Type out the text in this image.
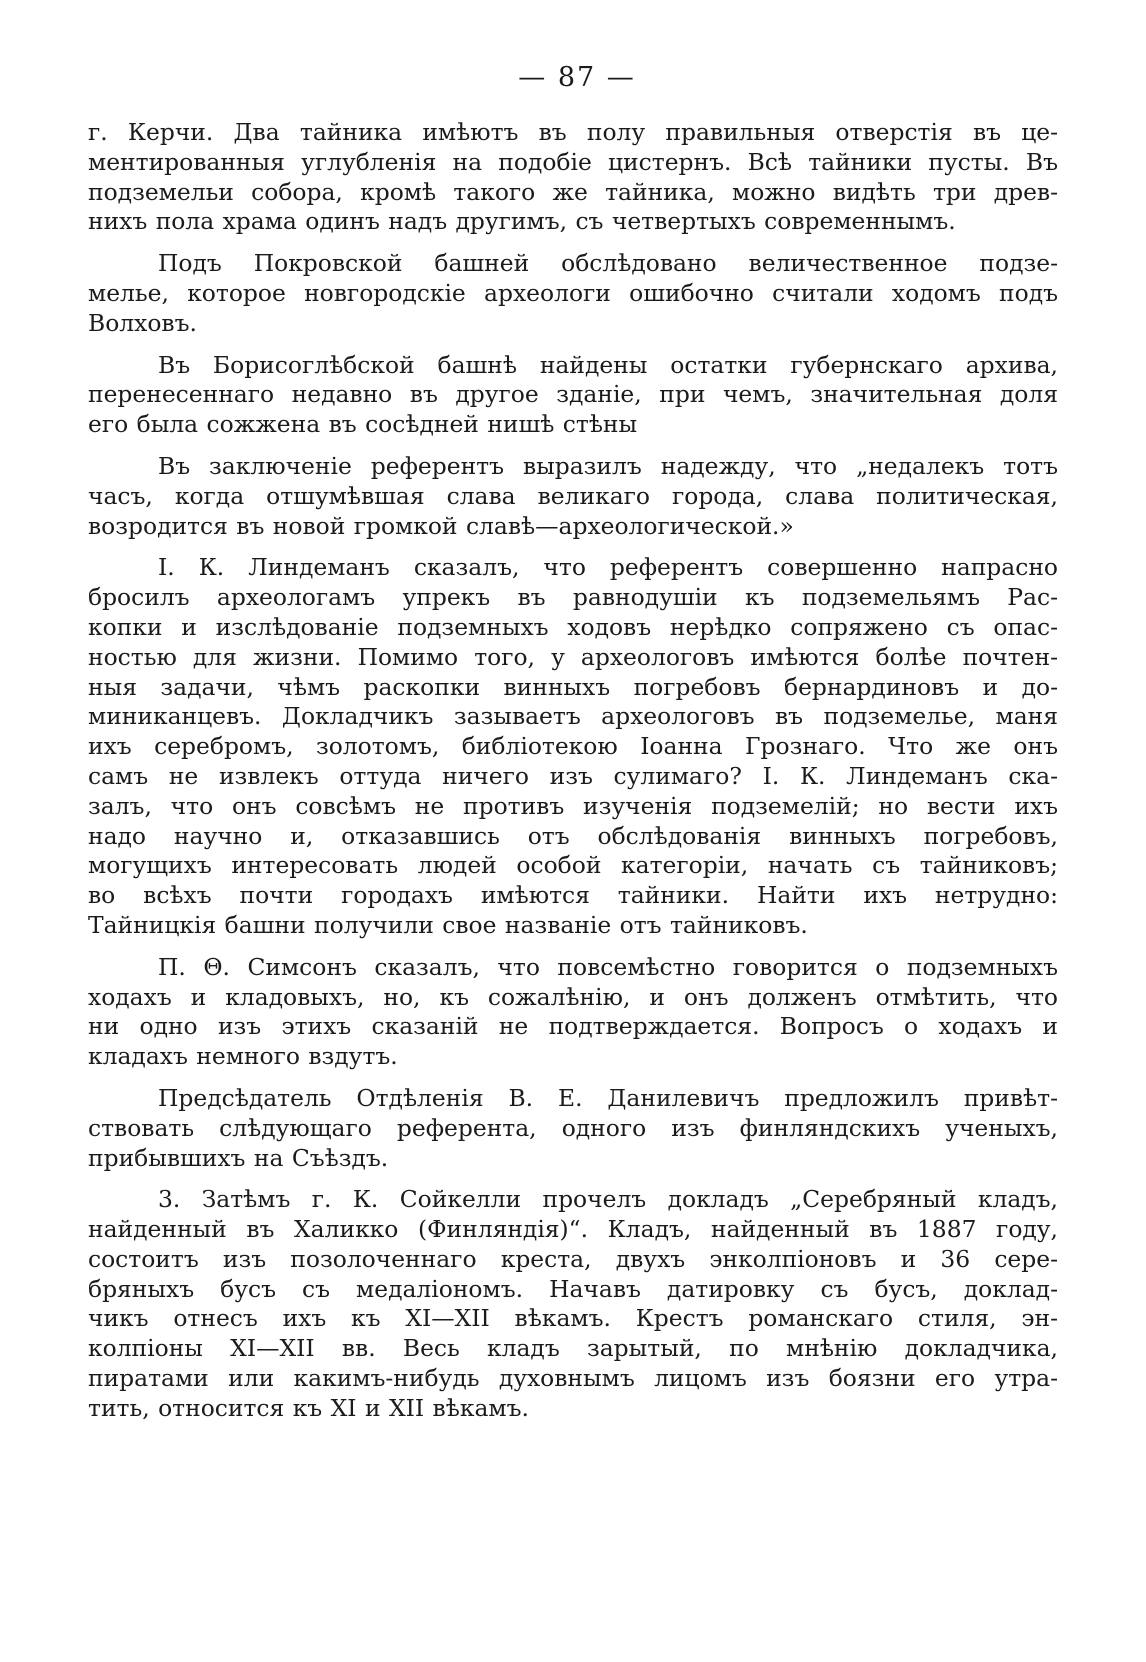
— 87 —

г. Керчи. Два тайника имѣютъ въ полу правильныя отверстія въ це-
ментированныя углубленія на подобіе цистернъ. Всѣ тайники пусты. Въ
подземельи собора, кромѣ такого же тайника, можно видѣть три древ-
нихъ пола храма одинъ надъ другимъ, съ четвертыхъ современнымъ.

Подъ Покровской башней обслѣдовано величественное подзе-
мелье, которое новгородскіе археологи ошибочно считали ходомъ подъ
Волховъ.

Въ Борисоглѣбской башнѣ найдены остатки губернскаго архива,
перенесеннаго недавно въ другое зданіе, при чемъ, значительная доля
его была сожжена въ сосѣдней нишѣ стѣны

Въ заключеніе референтъ выразилъ надежду, что „недалекъ тотъ
часъ, когда отшумѣвшая слава великаго города, слава политическая,
возродится въ новой громкой славѣ—археологической.»

I. К. Линдеманъ сказалъ, что референтъ совершенно напрасно
бросилъ археологамъ упрекъ въ равнодушіи къ подземельямъ Рас-
копки и изслѣдованіе подземныхъ ходовъ нерѣдко сопряжено съ опас-
ностью для жизни. Помимо того, у археологовъ имѣются болѣе почтен-
ныя задачи, чѣмъ раскопки винныхъ погребовъ бернардиновъ и до-
миниканцевъ. Докладчикъ зазываетъ археологовъ въ подземелье, маня
ихъ серебромъ, золотомъ, библіотекою Іоанна Грознаго. Что же онъ
самъ не извлекъ оттуда ничего изъ сулимаго? I. К. Линдеманъ ска-
залъ, что онъ совсѣмъ не противъ изученія подземелій; но вести ихъ
надо научно и, отказавшись отъ обслѣдованія винныхъ погребовъ,
могущихъ интересовать людей особой категоріи, начать съ тайниковъ;
во всѣхъ почти городахъ имѣются тайники. Найти ихъ нетрудно:
Тайницкія башни получили свое названіе отъ тайниковъ.

П. Θ. Симсонъ сказалъ, что повсемѣстно говорится о подземныхъ
ходахъ и кладовыхъ, но, къ сожалѣнію, и онъ долженъ отмѣтить, что
ни одно изъ этихъ сказаній не подтверждается. Вопросъ о ходахъ и
кладахъ немного вздутъ.

Предсѣдатель Отдѣленія В. Е. Данилевичъ предложилъ привѣт-
ствовать слѣдующаго референта, одного изъ финляндскихъ ученыхъ,
прибывшихъ на Съѣздъ.

3. Затѣмъ г. К. Сойкелли прочелъ докладъ „Серебряный кладъ,
найденный въ Халикко (Финляндія)“. Кладъ, найденный въ 1887 году,
состоитъ изъ позолоченнаго креста, двухъ энколпіоновъ и 36 сере-
бряныхъ бусъ съ медаліономъ. Начавъ датировку съ бусъ, доклад-
чикъ отнесъ ихъ къ XI—XII вѣкамъ. Крестъ романскаго стиля, эн-
колпіоны XI—XII вв. Весь кладъ зарытый, по мнѣнію докладчика,
пиратами или какимъ-нибудь духовнымъ лицомъ изъ боязни его утра-
тить, относится къ XI и XII вѣкамъ.
